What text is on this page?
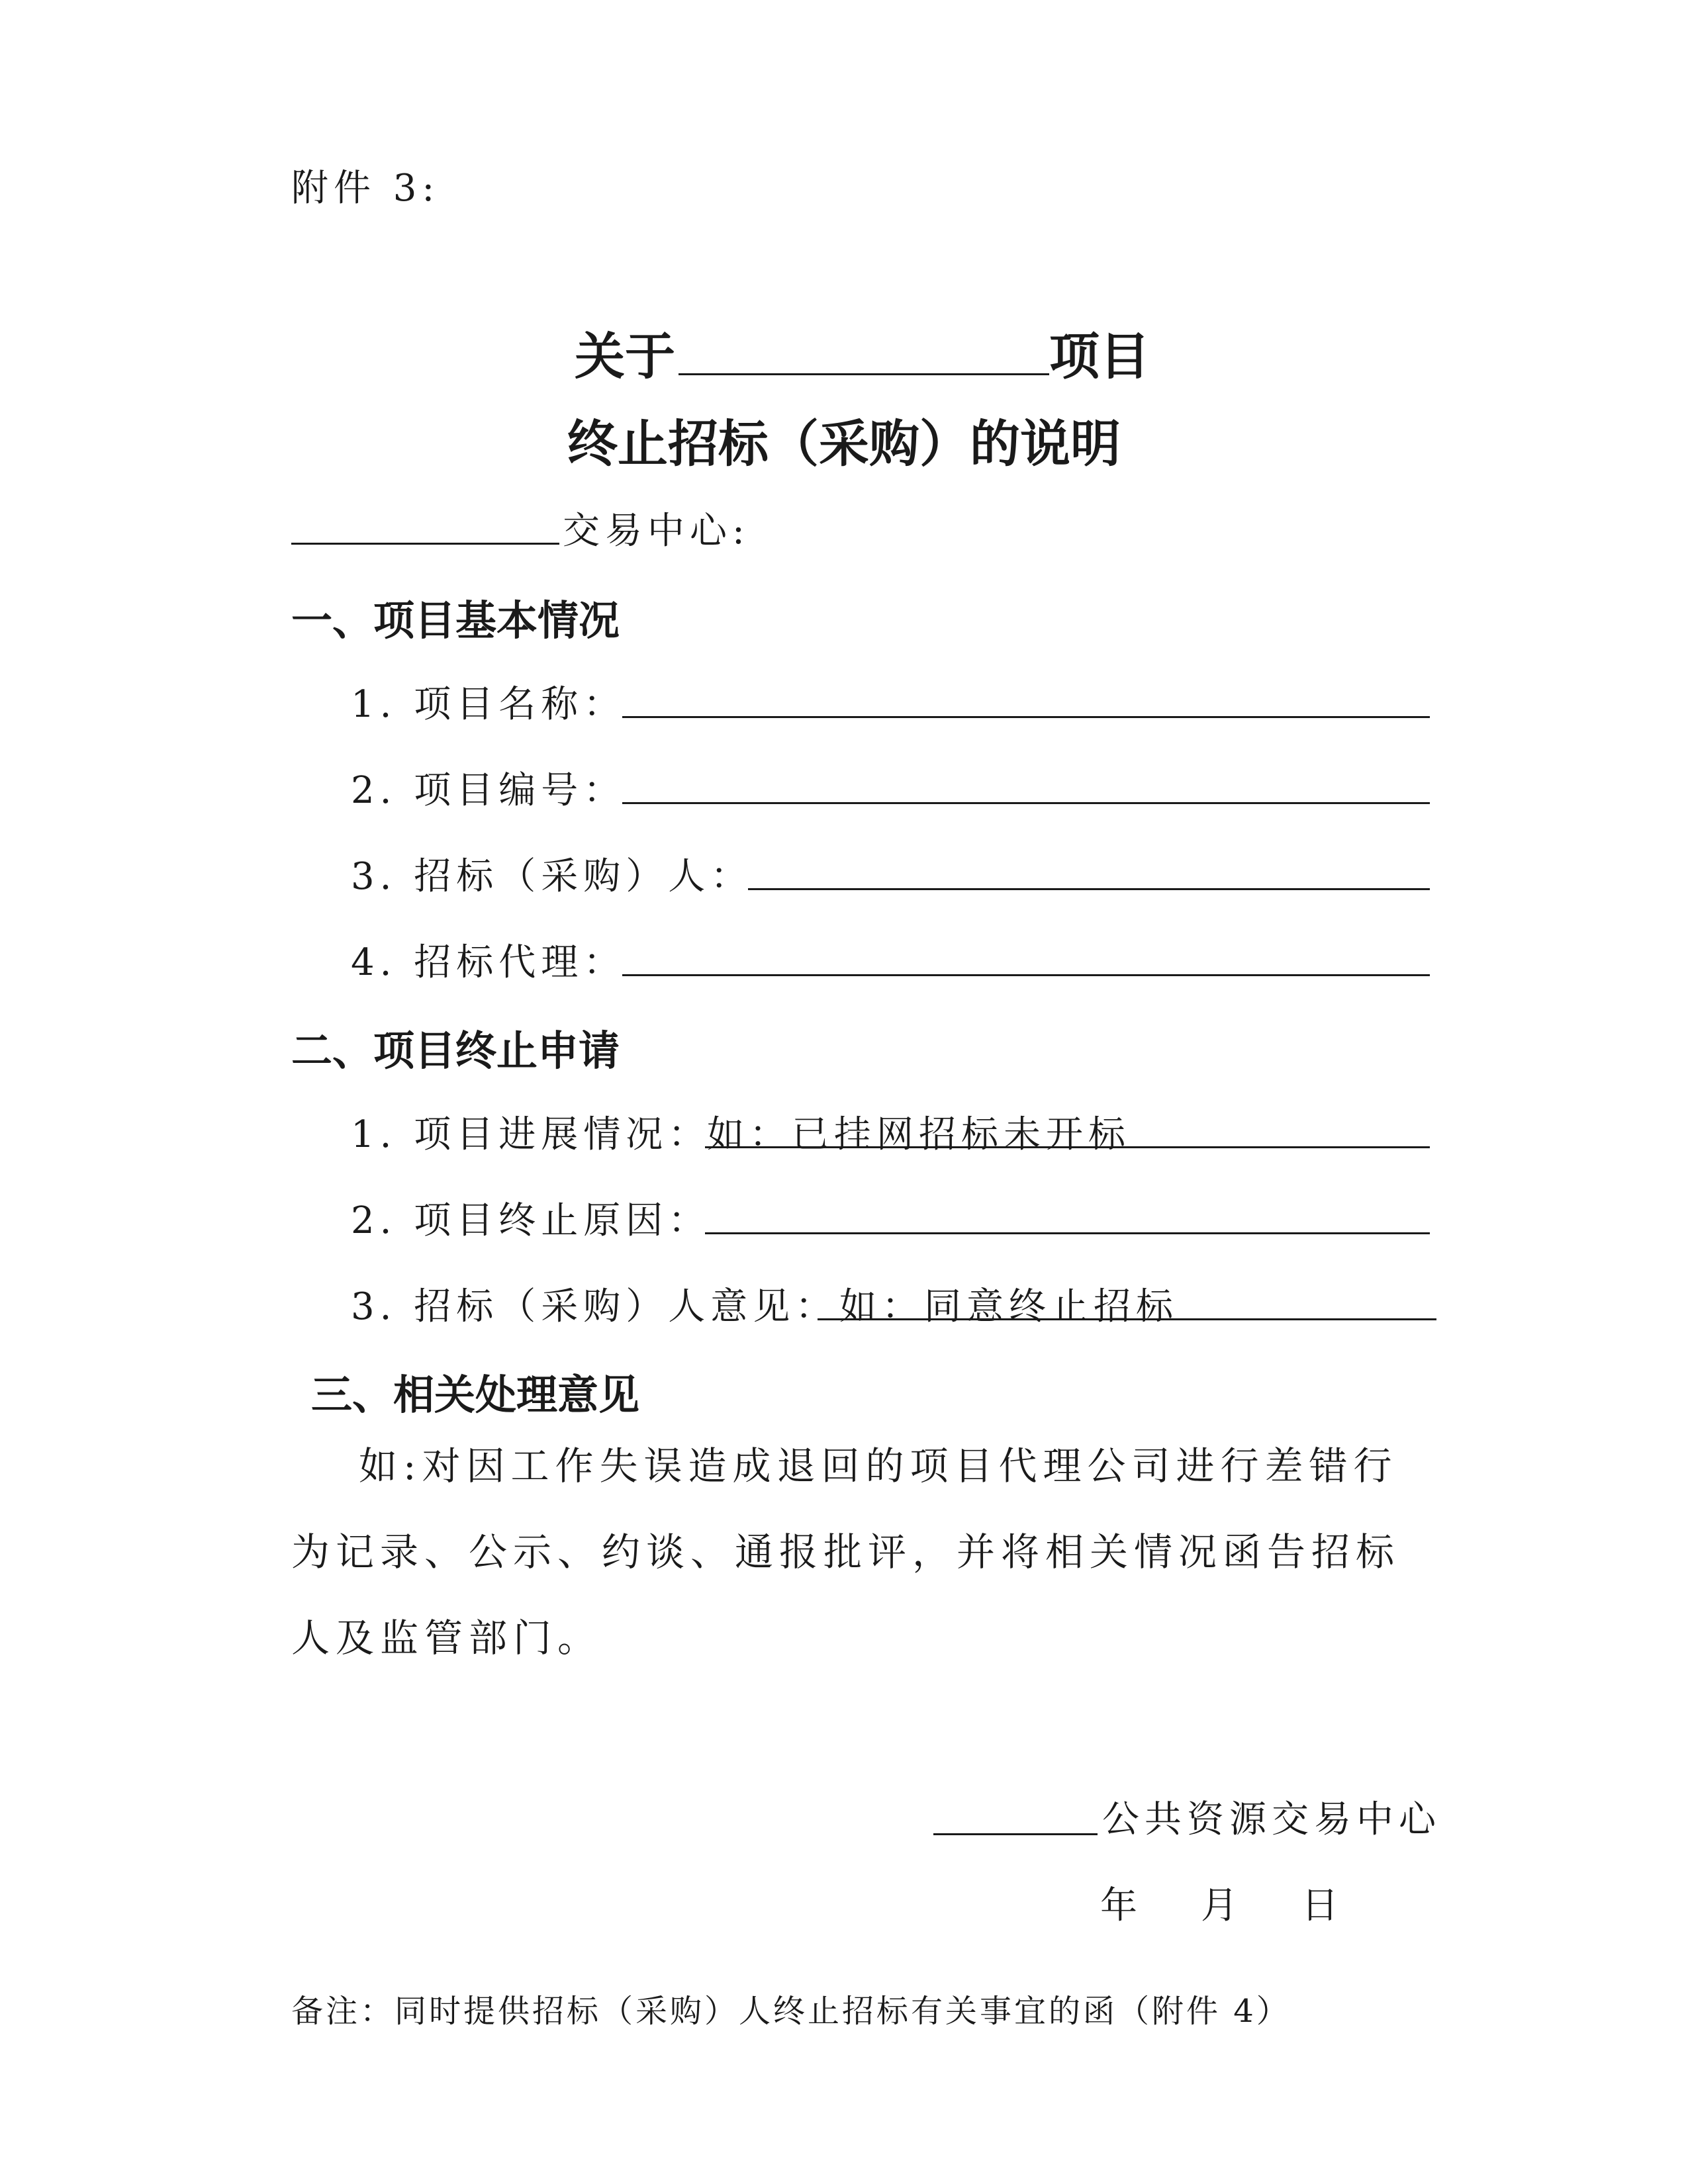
附件 3:
关于	项目
终止招标（采购）的说明
交易中心:
一、项目基本情况
1. 项目名称：
2. 项目编号：
3. 招标（采购）人：
4. 招标代理：
二、项目终止申请
1. 项目进展情况：
如：已挂网招标未开标
2. 项目终止原因：
3. 招标（采购）人意见： 如：同意终止招标
三、相关处理意见
如:对因工作失误造成退回的项目代理公司进行差错行为记录、公示、约谈、通报批评，并将相关情况函告招标人及监管部门。
公共资源交易中心
年　月　日
备注：同时提供招标（采购）人终止招标有关事宜的函（附件 4）
